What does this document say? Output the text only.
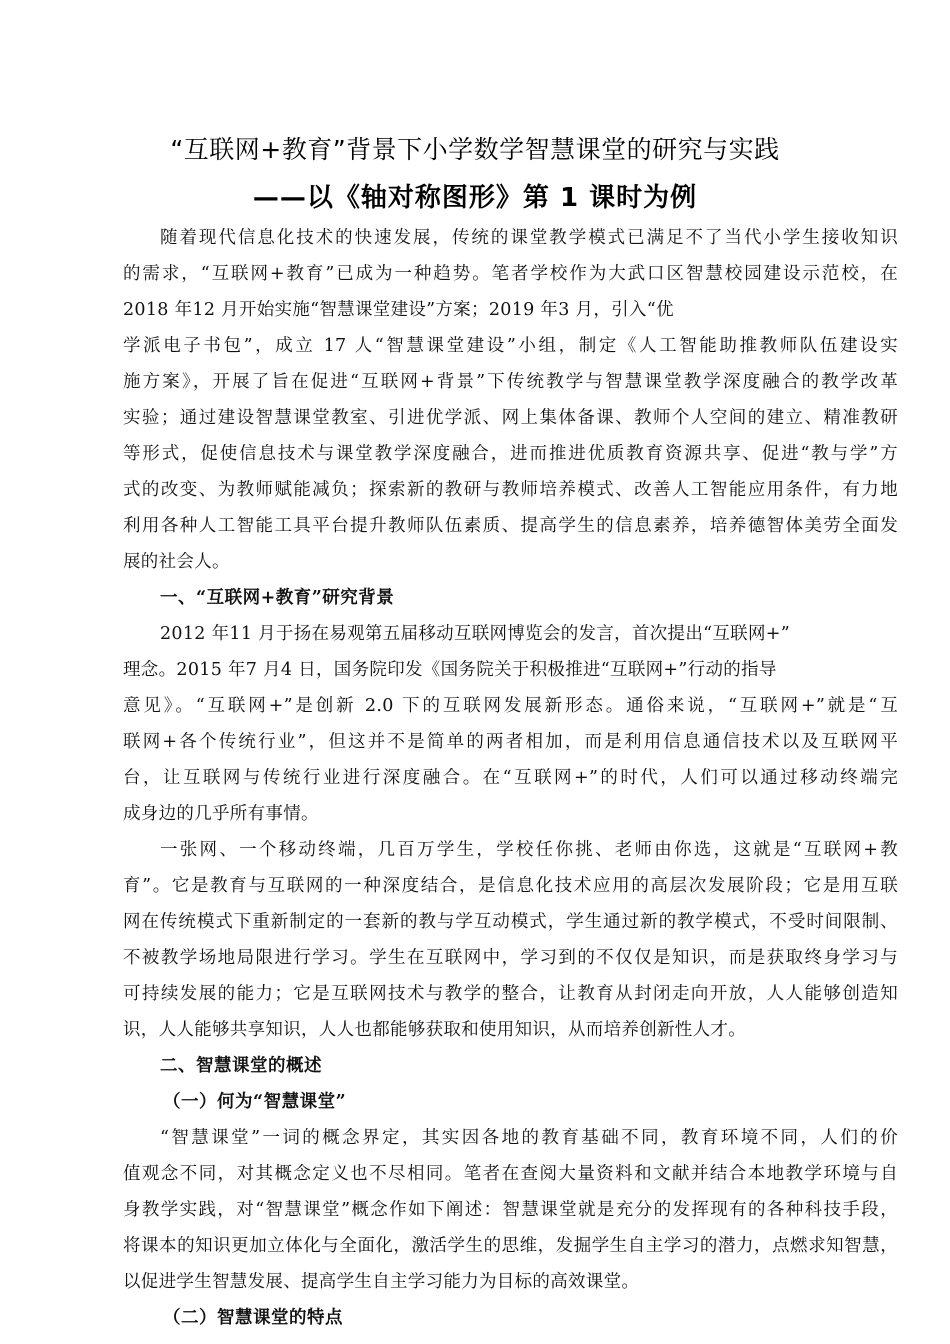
“互联网+教育”背景下小学数学智慧课堂的研究与实践
——以《轴对称图形》第 1 课时为例
随着现代信息化技术的快速发展，传统的课堂教学模式已满足不了当代小学生接收知识
的需求，“互联网+教育”已成为一种趋势。笔者学校作为大武口区智慧校园建设示范校，在
2018 年12 月开始实施“智慧课堂建设”方案；2019 年3 月，引入“优
学派电子书包”，成立 17 人“智慧课堂建设”小组，制定《人工智能助推教师队伍建设实
施方案》，开展了旨在促进“互联网+背景”下传统教学与智慧课堂教学深度融合的教学改革
实验；通过建设智慧课堂教室、引进优学派、网上集体备课、教师个人空间的建立、精准教研
等形式，促使信息技术与课堂教学深度融合，进而推进优质教育资源共享、促进“教与学”方
式的改变、为教师赋能减负；探索新的教研与教师培养模式、改善人工智能应用条件，有力地
利用各种人工智能工具平台提升教师队伍素质、提高学生的信息素养，培养德智体美劳全面发
展的社会人。
一、“互联网+教育”研究背景
2012 年11 月于扬在易观第五届移动互联网博览会的发言，首次提出“互联网+”
理念。2015 年7 月4 日，国务院印发《国务院关于积极推进“互联网+”行动的指导
意见》。“互联网+”是创新 2.0 下的互联网发展新形态。通俗来说，“互联网+”就是“互
联网+各个传统行业”，但这并不是简单的两者相加，而是利用信息通信技术以及互联网平
台，让互联网与传统行业进行深度融合。在“互联网+”的时代，人们可以通过移动终端完
成身边的几乎所有事情。
一张网、一个移动终端，几百万学生，学校任你挑、老师由你选，这就是“互联网+教
育”。它是教育与互联网的一种深度结合，是信息化技术应用的高层次发展阶段；它是用互联
网在传统模式下重新制定的一套新的教与学互动模式，学生通过新的教学模式，不受时间限制、
不被教学场地局限进行学习。学生在互联网中，学习到的不仅仅是知识，而是获取终身学习与
可持续发展的能力；它是互联网技术与教学的整合，让教育从封闭走向开放，人人能够创造知
识，人人能够共享知识，人人也都能够获取和使用知识，从而培养创新性人才。
二、智慧课堂的概述
（一）何为“智慧课堂”
“智慧课堂”一词的概念界定，其实因各地的教育基础不同，教育环境不同，人们的价
值观念不同，对其概念定义也不尽相同。笔者在查阅大量资料和文献并结合本地教学环境与自
身教学实践，对“智慧课堂”概念作如下阐述：智慧课堂就是充分的发挥现有的各种科技手段，
将课本的知识更加立体化与全面化，激活学生的思维，发掘学生自主学习的潜力，点燃求知智慧，
以促进学生智慧发展、提高学生自主学习能力为目标的高效课堂。
（二）智慧课堂的特点
